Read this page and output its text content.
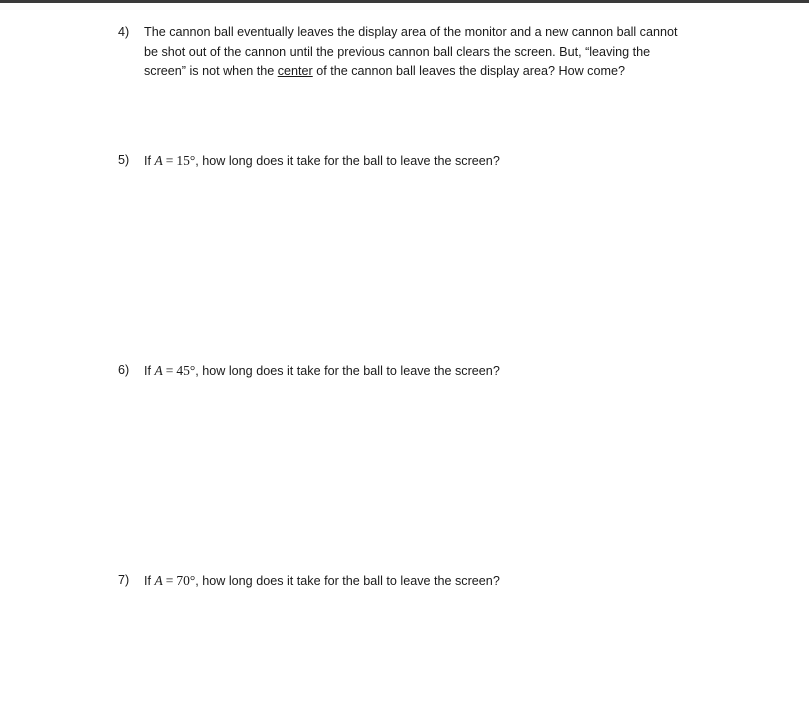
4) The cannon ball eventually leaves the display area of the monitor and a new cannon ball cannot
be shot out of the cannon until the previous cannon ball clears the screen. But, “leaving the
screen” is not when the center of the cannon ball leaves the display area? How come?
5) If A = 15°, how long does it take for the ball to leave the screen?
6) If A = 45°, how long does it take for the ball to leave the screen?
7) If A = 70°, how long does it take for the ball to leave the screen?
